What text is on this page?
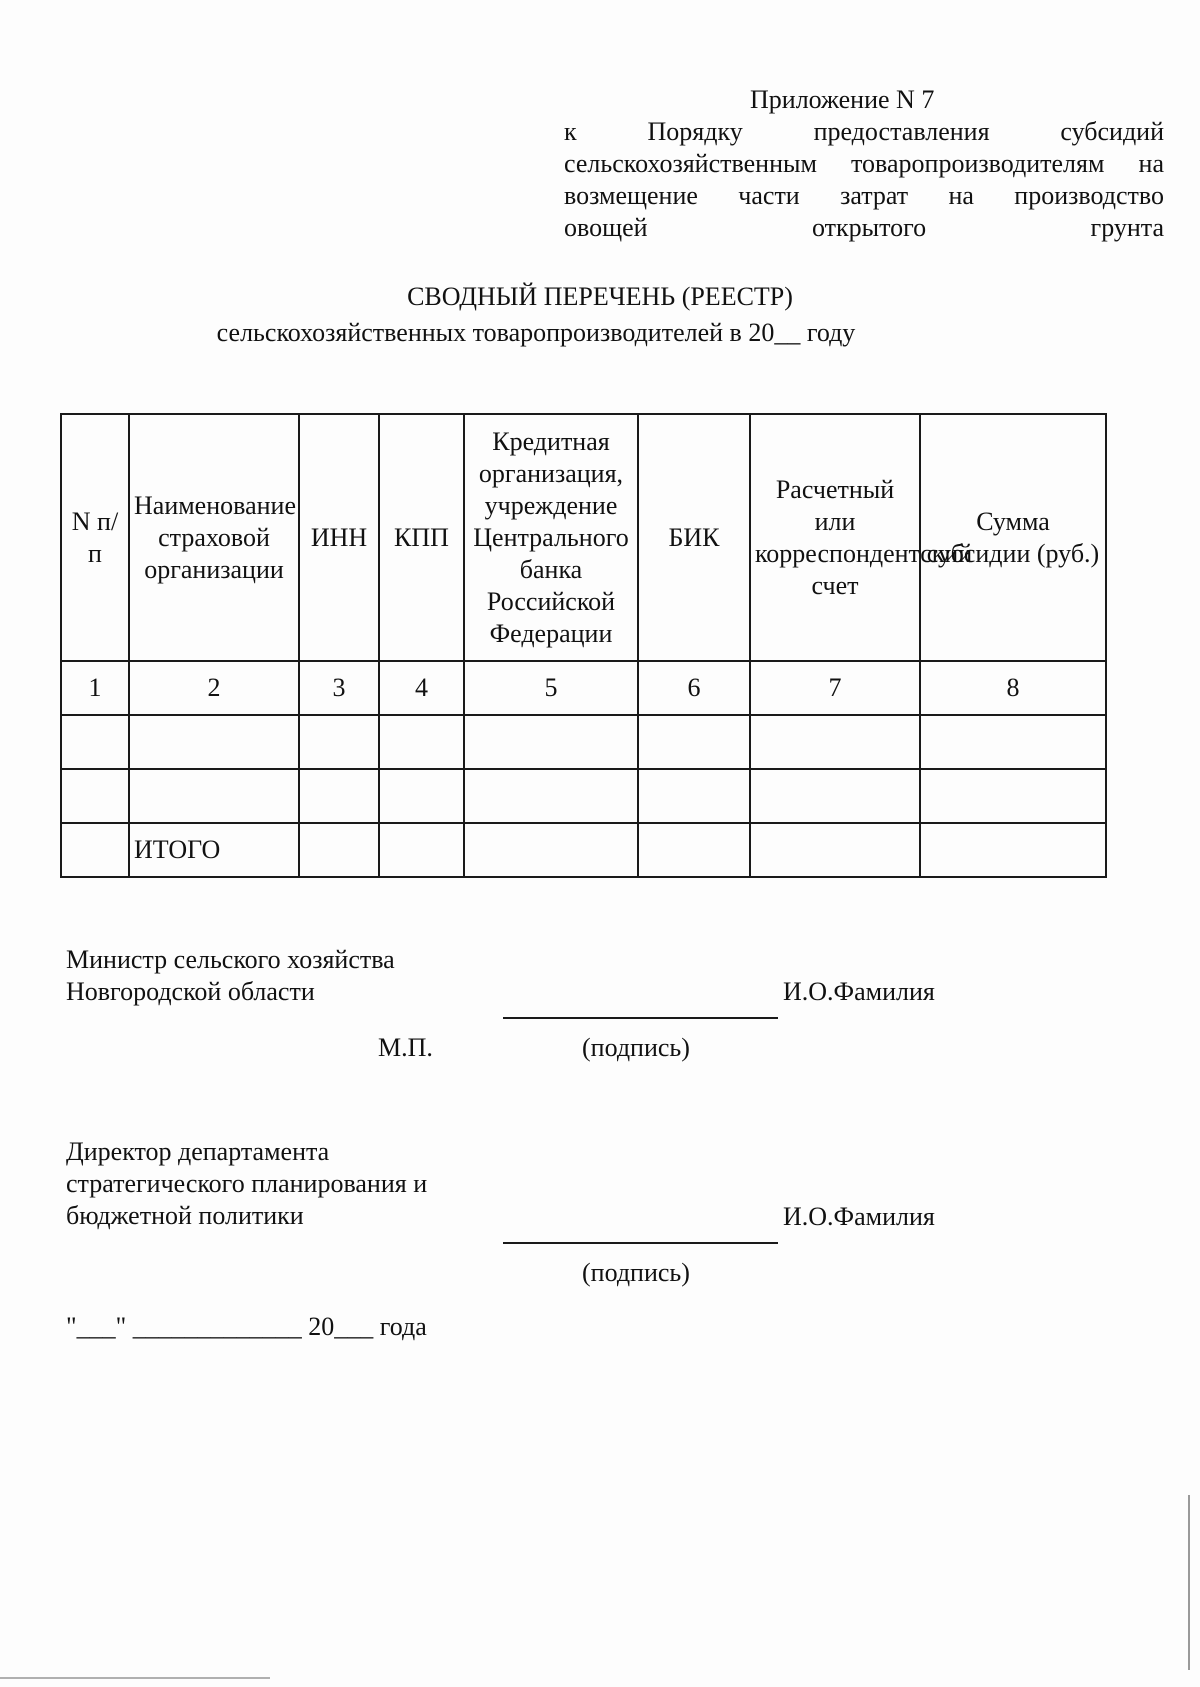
Приложение N 7
к Порядку предоставления субсидий
сельскохозяйственным товаропроизводителям на
возмещение части затрат на производство
овощей открытого грунта
СВОДНЫЙ ПЕРЕЧЕНЬ (РЕЕСТР)
сельскохозяйственных товаропроизводителей в 20__ году
N п/п	Наименование страховой организации	ИНН	КПП	Кредитная организация, учреждение Центрального банка Российской Федерации	БИК	Расчетный или корреспондентский счет	Сумма субсидии (руб.)
1	2	3	4	5	6	7	8

	ИТОГО						
Министр сельского хозяйства
Новгородской области	И.О.Фамилия
М.П.	(подпись)
Директор департамента
стратегического планирования и
бюджетной политики	И.О.Фамилия
(подпись)
"___" _____________ 20___ года
